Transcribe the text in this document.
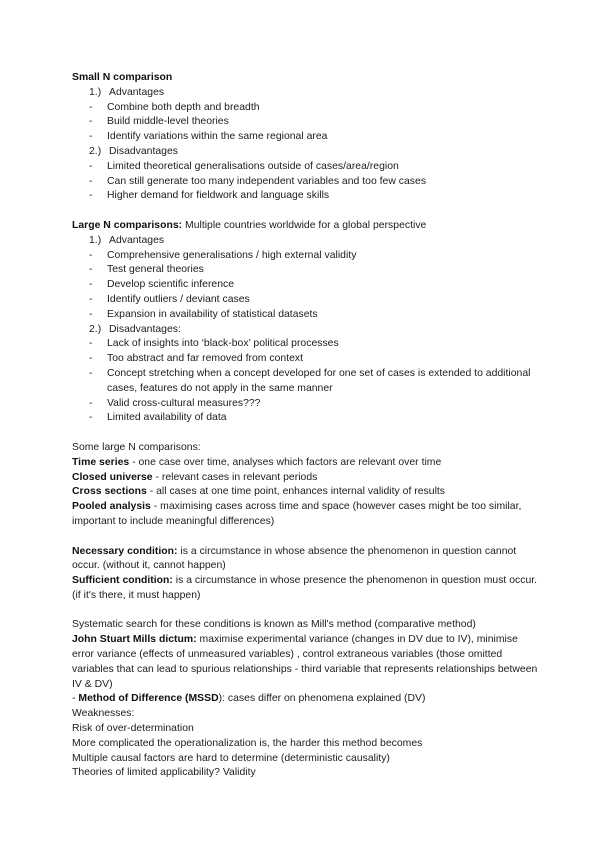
Small N comparison
1.) Advantages
-	Combine both depth and breadth
-	Build middle-level theories
-	Identify variations within the same regional area
2.) Disadvantages
-	Limited theoretical generalisations outside of cases/area/region
-	Can still generate too many independent variables and too few cases
-	Higher demand for fieldwork and language skills
Large N comparisons: Multiple countries worldwide for a global perspective
1.) Advantages
-	Comprehensive generalisations / high external validity
-	Test general theories
-	Develop scientific inference
-	Identify outliers / deviant cases
-	Expansion in availability of statistical datasets
2.) Disadvantages:
-	Lack of insights into ‘black-box’ political processes
-	Too abstract and far removed from context
-	Concept stretching when a concept developed for one set of cases is extended to additional cases, features do not apply in the same manner
-	Valid cross-cultural measures???
-	Limited availability of data
Some large N comparisons:
Time series - one case over time, analyses which factors are relevant over time
Closed universe - relevant cases in relevant periods
Cross sections - all cases at one time point, enhances internal validity of results
Pooled analysis - maximising cases across time and space (however cases might be too similar, important to include meaningful differences)
Necessary condition: is a circumstance in whose absence the phenomenon in question cannot occur. (without it, cannot happen)
Sufficient condition: is a circumstance in whose presence the phenomenon in question must occur. (if it's there, it must happen)
Systematic search for these conditions is known as Mill's method (comparative method)
John Stuart Mills dictum: maximise experimental variance (changes in DV due to IV), minimise error variance (effects of unmeasured variables) , control extraneous variables (those omitted variables that can lead to spurious relationships - third variable that represents relationships between IV & DV)
- Method of Difference (MSSD): cases differ on phenomena explained (DV)
Weaknesses:
Risk of over-determination
More complicated the operationalization is, the harder this method becomes
Multiple causal factors are hard to determine (deterministic causality)
Theories of limited applicability? Validity
